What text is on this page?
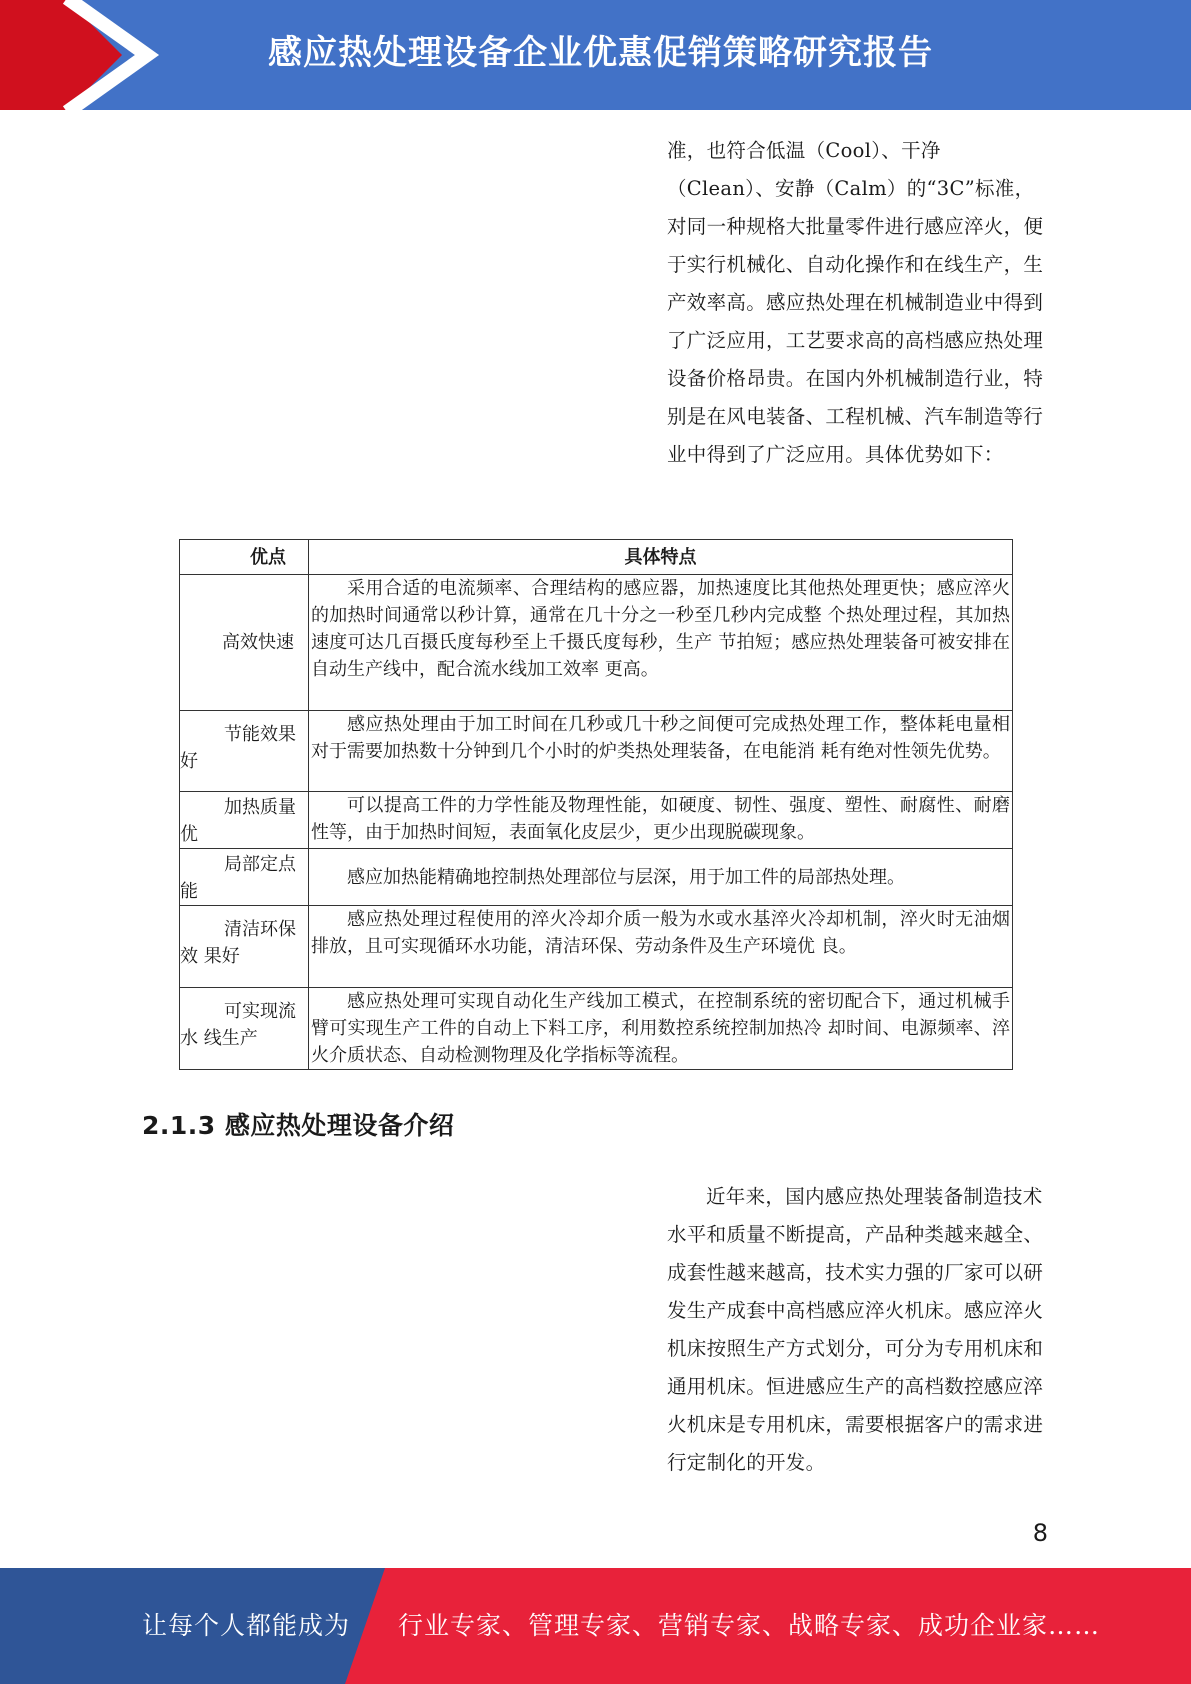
感应热处理设备企业优惠促销策略研究报告

准，也符合低温（Cool）、干净（Clean）、安静（Calm）的“3C”标准，对同一种规格大批量零件进行感应淬火，便于实行机械化、自动化操作和在线生产，生产效率高。感应热处理在机械制造业中得到了广泛应用，工艺要求高的高档感应热处理设备价格昂贵。在国内外机械制造行业，特别是在风电装备、工程机械、汽车制造等行业中得到了广泛应用。具体优势如下：

优点	具体特点

高效快速	采用合适的电流频率、合理结构的感应器，加热速度比其他热处理更快；感应淬火的加热时间通常以秒计算，通常在几十分之一秒至几秒内完成整 个热处理过程，其加热速度可达几百摄氏度每秒至上千摄氏度每秒，生产 节拍短；感应热处理装备可被安排在自动生产线中，配合流水线加工效率 更高。

节能效果好	感应热处理由于加工时间在几秒或几十秒之间便可完成热处理工作，整体耗电量相对于需要加热数十分钟到几个小时的炉类热处理装备，在电能消 耗有绝对性领先优势。

加热质量优	可以提高工件的力学性能及物理性能，如硬度、韧性、强度、塑性、耐腐性、耐磨性等，由于加热时间短，表面氧化皮层少，更少出现脱碳现象。

局部定点能	感应加热能精确地控制热处理部位与层深，用于加工件的局部热处理。

清洁环保效 果好	感应热处理过程使用的淬火冷却介质一般为水或水基淬火冷却机制，淬火时无油烟排放，且可实现循环水功能，清洁环保、劳动条件及生产环境优 良。

可实现流水 线生产	感应热处理可实现自动化生产线加工模式，在控制系统的密切配合下，通过机械手臂可实现生产工件的自动上下料工序，利用数控系统控制加热冷 却时间、电源频率、淬火介质状态、自动检测物理及化学指标等流程。
2.1.3 感应热处理设备介绍

近年来，国内感应热处理装备制造技术水平和质量不断提高，产品种类越来越全、成套性越来越高，技术实力强的厂家可以研发生产成套中高档感应淬火机床。感应淬火机床按照生产方式划分，可分为专用机床和通用机床。恒进感应生产的高档数控感应淬火机床是专用机床，需要根据客户的需求进行定制化的开发。

8
让每个人都能成为 行业专家、管理专家、营销专家、战略专家、成功企业家……
